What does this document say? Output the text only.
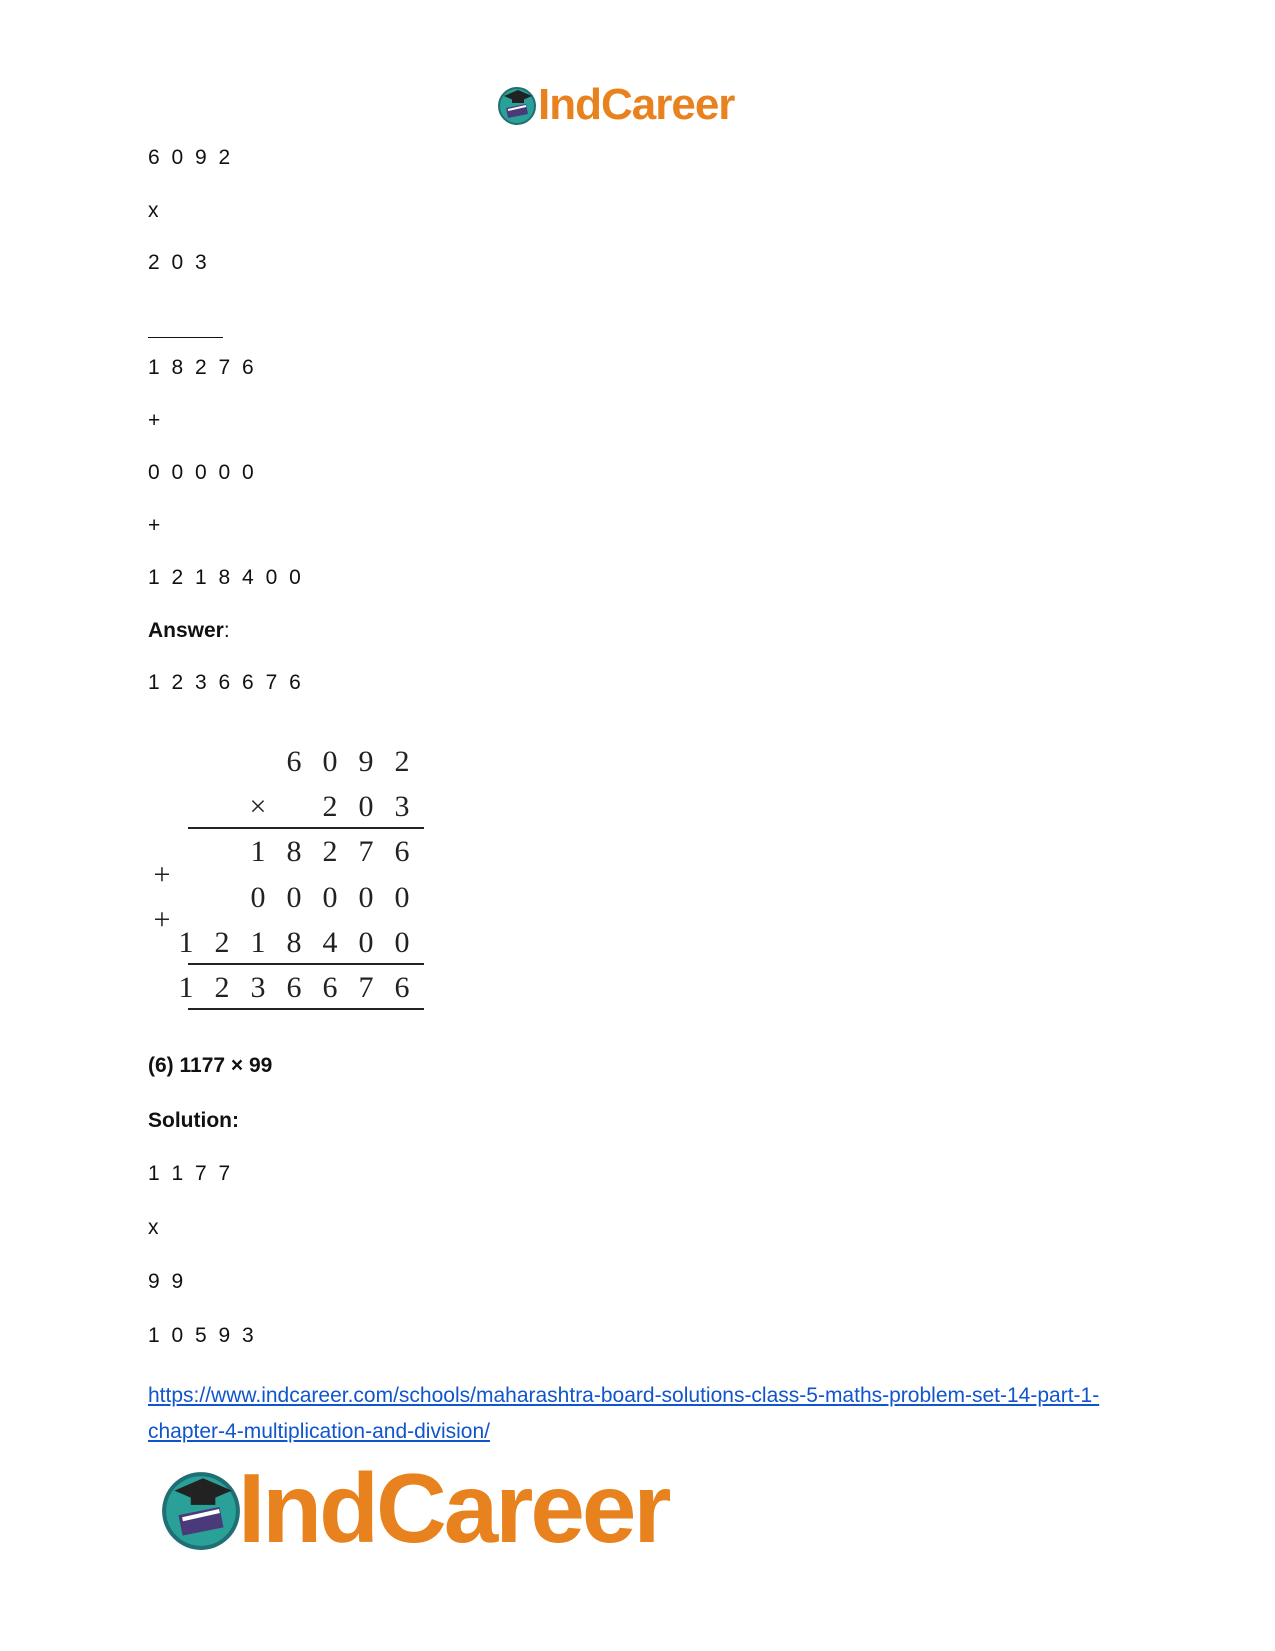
IndCareer
6 0 9 2
x
2 0 3
1 8 2 7 6
+
0 0 0 0 0
+
1 2 1 8 4 0 0
Answer:
1 2 3 6 6 7 6
6 0 9 2
×	2 0 3
1 8 2 7 6
+
0 0 0 0 0
+
1 2 1 8 4 0 0
1 2 3 6 6 7 6
(6) 1177 × 99
Solution:
1 1 7 7
x
9 9
1 0 5 9 3
https://www.indcareer.com/schools/maharashtra-board-solutions-class-5-maths-problem-set-14-part-1-chapter-4-multiplication-and-division/
IndCareer
